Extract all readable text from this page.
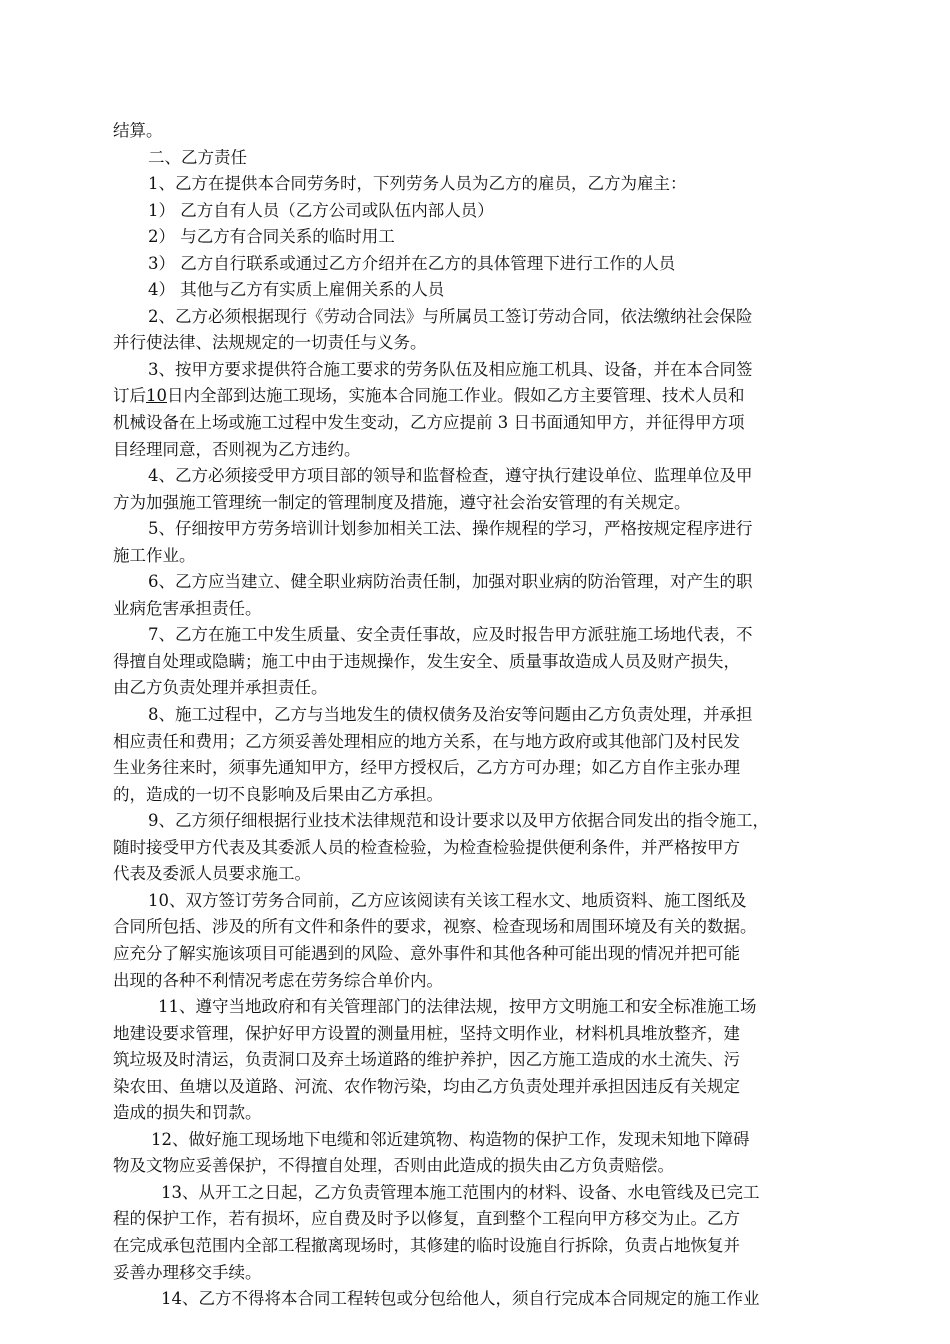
结算。
二、乙方责任
1、乙方在提供本合同劳务时，下列劳务人员为乙方的雇员，乙方为雇主：
1） 乙方自有人员（乙方公司或队伍内部人员）
2） 与乙方有合同关系的临时用工
3） 乙方自行联系或通过乙方介绍并在乙方的具体管理下进行工作的人员
4） 其他与乙方有实质上雇佣关系的人员
2、乙方必须根据现行《劳动合同法》与所属员工签订劳动合同，依法缴纳社会保险
并行使法律、法规规定的一切责任与义务。
3、按甲方要求提供符合施工要求的劳务队伍及相应施工机具、设备，并在本合同签
订后10日内全部到达施工现场，实施本合同施工作业。假如乙方主要管理、技术人员和
机械设备在上场或施工过程中发生变动，乙方应提前 3 日书面通知甲方，并征得甲方项
目经理同意，否则视为乙方违约。
4、乙方必须接受甲方项目部的领导和监督检查，遵守执行建设单位、监理单位及甲
方为加强施工管理统一制定的管理制度及措施，遵守社会治安管理的有关规定。
5、仔细按甲方劳务培训计划参加相关工法、操作规程的学习，严格按规定程序进行
施工作业。
6、乙方应当建立、健全职业病防治责任制，加强对职业病的防治管理，对产生的职
业病危害承担责任。
7、乙方在施工中发生质量、安全责任事故，应及时报告甲方派驻施工场地代表，不
得擅自处理或隐瞒；施工中由于违规操作，发生安全、质量事故造成人员及财产损失，
由乙方负责处理并承担责任。
8、施工过程中，乙方与当地发生的债权债务及治安等问题由乙方负责处理，并承担
相应责任和费用；乙方须妥善处理相应的地方关系，在与地方政府或其他部门及村民发
生业务往来时，须事先通知甲方，经甲方授权后，乙方方可办理；如乙方自作主张办理
的，造成的一切不良影响及后果由乙方承担。
9、乙方须仔细根据行业技术法律规范和设计要求以及甲方依据合同发出的指令施工，
随时接受甲方代表及其委派人员的检查检验，为检查检验提供便利条件，并严格按甲方
代表及委派人员要求施工。
10、双方签订劳务合同前，乙方应该阅读有关该工程水文、地质资料、施工图纸及
合同所包括、涉及的所有文件和条件的要求，视察、检查现场和周围环境及有关的数据。
应充分了解实施该项目可能遇到的风险、意外事件和其他各种可能出现的情况并把可能
出现的各种不利情况考虑在劳务综合单价内。
11、遵守当地政府和有关管理部门的法律法规，按甲方文明施工和安全标准施工场
地建设要求管理，保护好甲方设置的测量用桩，坚持文明作业，材料机具堆放整齐，建
筑垃圾及时清运，负责洞口及弃土场道路的维护养护，因乙方施工造成的水土流失、污
染农田、鱼塘以及道路、河流、农作物污染，均由乙方负责处理并承担因违反有关规定
造成的损失和罚款。
12、做好施工现场地下电缆和邻近建筑物、构造物的保护工作，发现未知地下障碍
物及文物应妥善保护，不得擅自处理，否则由此造成的损失由乙方负责赔偿。
13、从开工之日起，乙方负责管理本施工范围内的材料、设备、水电管线及已完工
程的保护工作，若有损坏，应自费及时予以修复，直到整个工程向甲方移交为止。乙方
在完成承包范围内全部工程撤离现场时，其修建的临时设施自行拆除，负责占地恢复并
妥善办理移交手续。
14、乙方不得将本合同工程转包或分包给他人，须自行完成本合同规定的施工作业
